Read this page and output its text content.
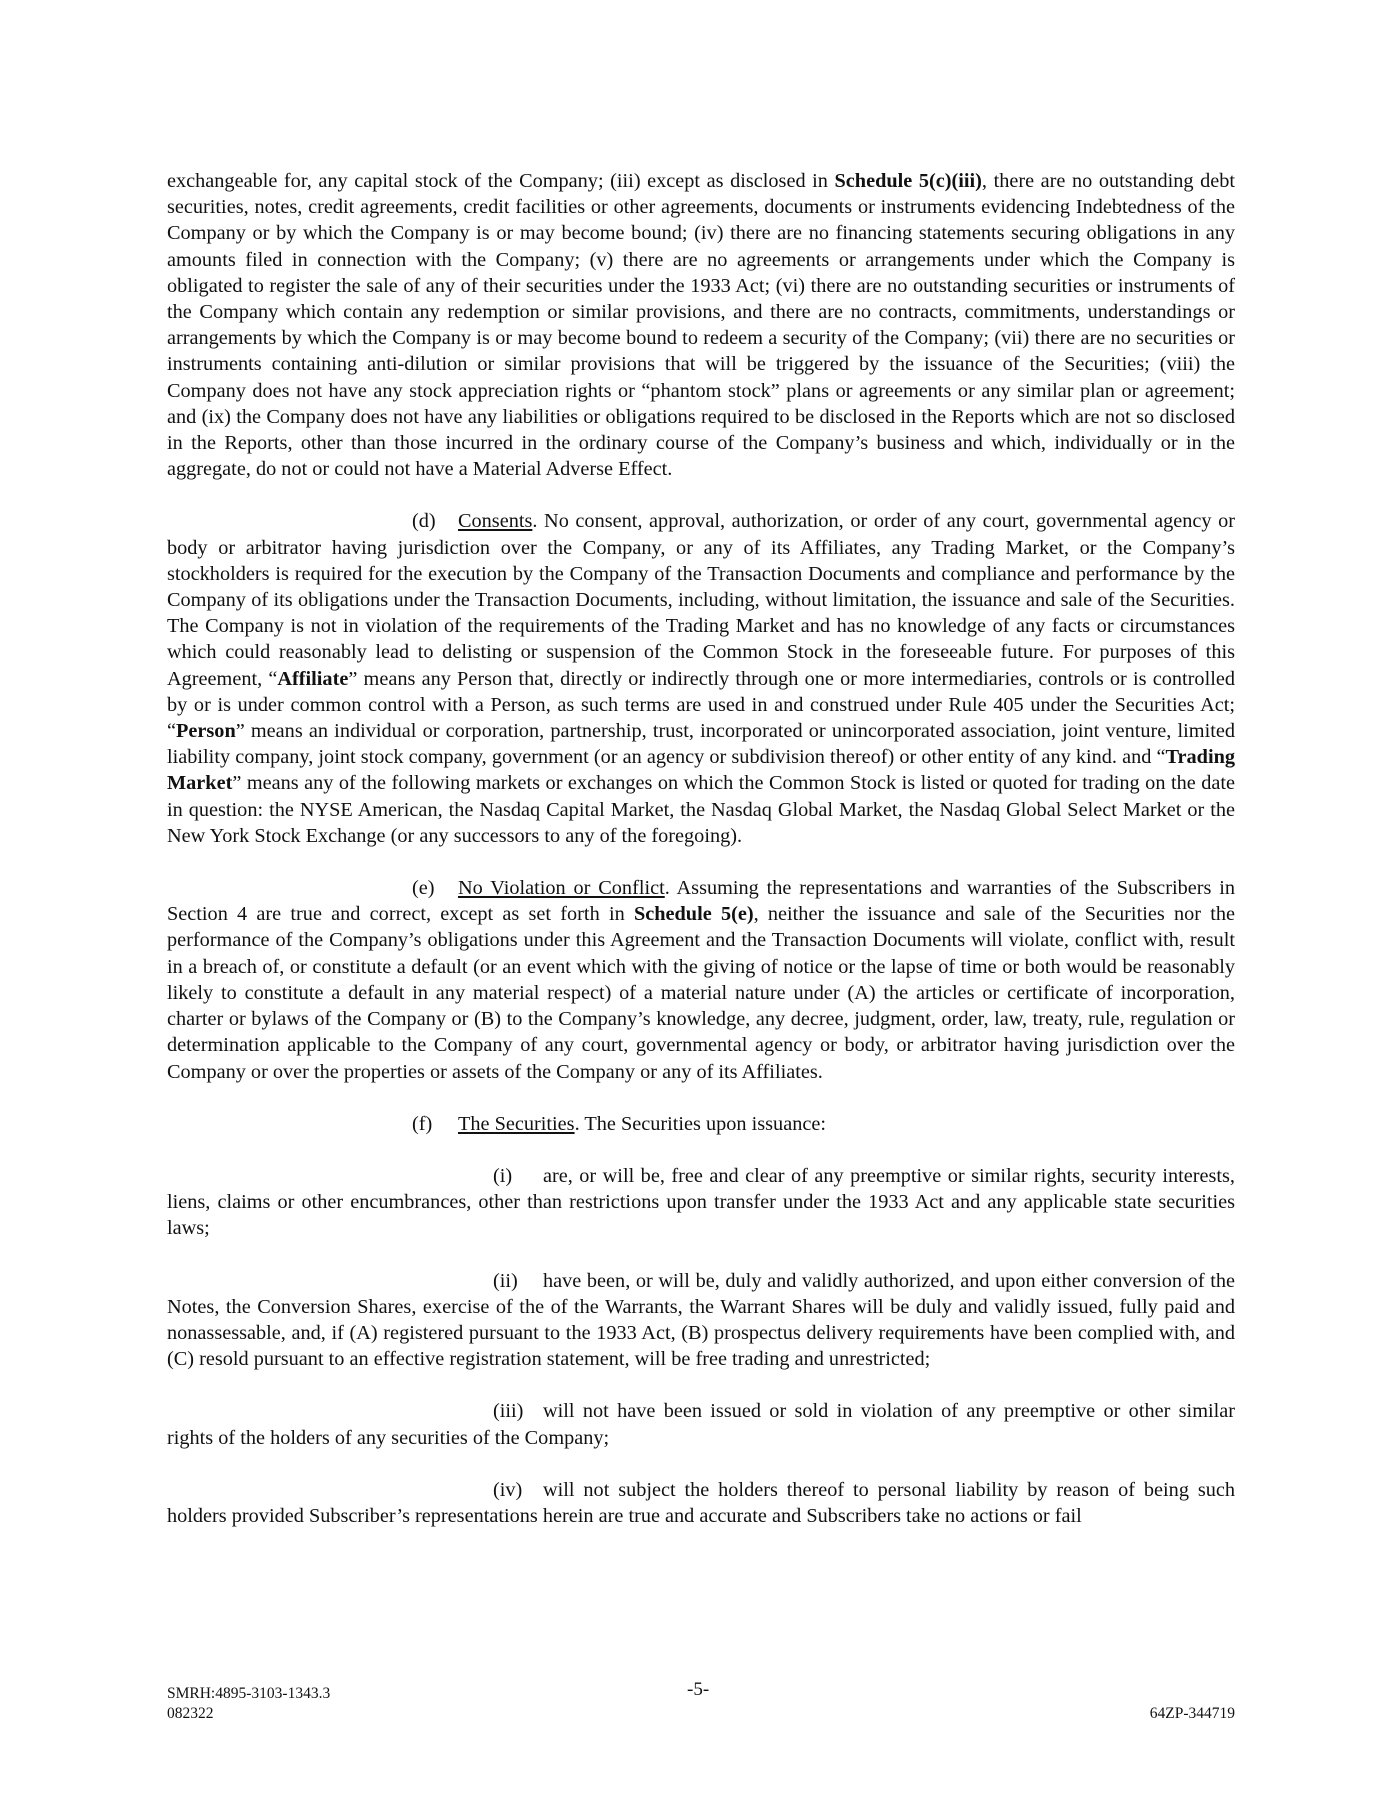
exchangeable for, any capital stock of the Company; (iii) except as disclosed in Schedule 5(c)(iii), there are no outstanding debt securities, notes, credit agreements, credit facilities or other agreements, documents or instruments evidencing Indebtedness of the Company or by which the Company is or may become bound; (iv) there are no financing statements securing obligations in any amounts filed in connection with the Company; (v) there are no agreements or arrangements under which the Company is obligated to register the sale of any of their securities under the 1933 Act; (vi) there are no outstanding securities or instruments of the Company which contain any redemption or similar provisions, and there are no contracts, commitments, understandings or arrangements by which the Company is or may become bound to redeem a security of the Company; (vii) there are no securities or instruments containing anti-dilution or similar provisions that will be triggered by the issuance of the Securities; (viii) the Company does not have any stock appreciation rights or “phantom stock” plans or agreements or any similar plan or agreement; and (ix) the Company does not have any liabilities or obligations required to be disclosed in the Reports which are not so disclosed in the Reports, other than those incurred in the ordinary course of the Company’s business and which, individually or in the aggregate, do not or could not have a Material Adverse Effect.

(d) Consents. No consent, approval, authorization, or order of any court, governmental agency or body or arbitrator having jurisdiction over the Company, or any of its Affiliates, any Trading Market, or the Company’s stockholders is required for the execution by the Company of the Transaction Documents and compliance and performance by the Company of its obligations under the Transaction Documents, including, without limitation, the issuance and sale of the Securities. The Company is not in violation of the requirements of the Trading Market and has no knowledge of any facts or circumstances which could reasonably lead to delisting or suspension of the Common Stock in the foreseeable future. For purposes of this Agreement, “Affiliate” means any Person that, directly or indirectly through one or more intermediaries, controls or is controlled by or is under common control with a Person, as such terms are used in and construed under Rule 405 under the Securities Act; “Person” means an individual or corporation, partnership, trust, incorporated or unincorporated association, joint venture, limited liability company, joint stock company, government (or an agency or subdivision thereof) or other entity of any kind. and “Trading Market” means any of the following markets or exchanges on which the Common Stock is listed or quoted for trading on the date in question: the NYSE American, the Nasdaq Capital Market, the Nasdaq Global Market, the Nasdaq Global Select Market or the New York Stock Exchange (or any successors to any of the foregoing).

(e) No Violation or Conflict. Assuming the representations and warranties of the Subscribers in Section 4 are true and correct, except as set forth in Schedule 5(e), neither the issuance and sale of the Securities nor the performance of the Company’s obligations under this Agreement and the Transaction Documents will violate, conflict with, result in a breach of, or constitute a default (or an event which with the giving of notice or the lapse of time or both would be reasonably likely to constitute a default in any material respect) of a material nature under (A) the articles or certificate of incorporation, charter or bylaws of the Company or (B) to the Company’s knowledge, any decree, judgment, order, law, treaty, rule, regulation or determination applicable to the Company of any court, governmental agency or body, or arbitrator having jurisdiction over the Company or over the properties or assets of the Company or any of its Affiliates.

(f) The Securities. The Securities upon issuance:

(i) are, or will be, free and clear of any preemptive or similar rights, security interests, liens, claims or other encumbrances, other than restrictions upon transfer under the 1933 Act and any applicable state securities laws;

(ii) have been, or will be, duly and validly authorized, and upon either conversion of the Notes, the Conversion Shares, exercise of the of the Warrants, the Warrant Shares will be duly and validly issued, fully paid and nonassessable, and, if (A) registered pursuant to the 1933 Act, (B) prospectus delivery requirements have been complied with, and (C) resold pursuant to an effective registration statement, will be free trading and unrestricted;

(iii) will not have been issued or sold in violation of any preemptive or other similar rights of the holders of any securities of the Company;

(iv) will not subject the holders thereof to personal liability by reason of being such holders provided Subscriber’s representations herein are true and accurate and Subscribers take no actions or fail

SMRH:4895-3103-1343.3
082322
-5-
64ZP-344719
